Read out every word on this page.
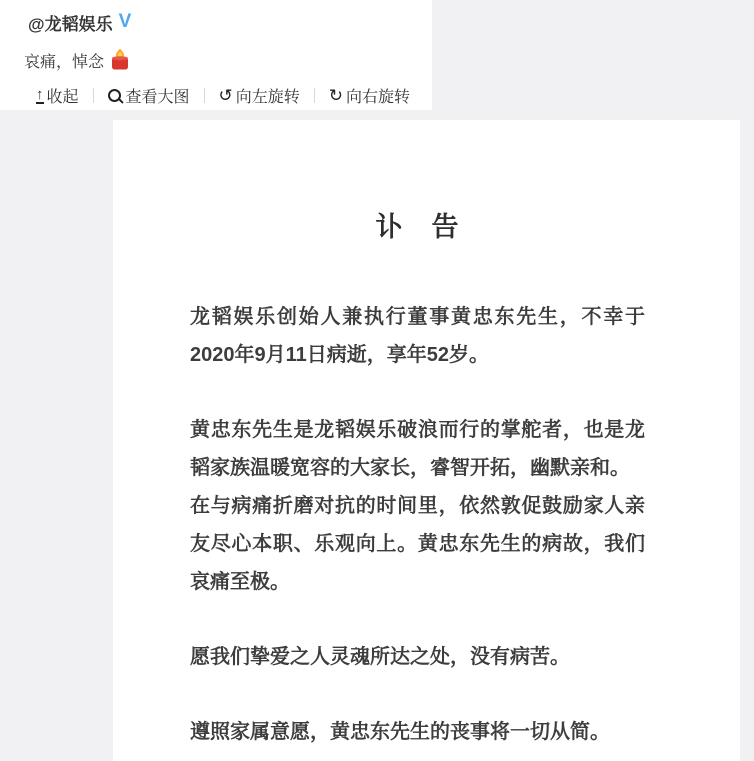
@龙韬娱乐 V
哀痛，悼念
↑ 收起	查看大图 ↺ 向左旋转 ↻ 向右旋转
讣　告

龙韬娱乐创始人兼执行董事黄忠东先生，不幸于2020年9月11日病逝，享年52岁。

黄忠东先生是龙韬娱乐破浪而行的掌舵者，也是龙韬家族温暖宽容的大家长，睿智开拓，幽默亲和。

在与病痛折磨对抗的时间里，依然敦促鼓励家人亲友尽心本职、乐观向上。黄忠东先生的病故，我们哀痛至极。

愿我们挚爱之人灵魂所达之处，没有病苦。

遵照家属意愿，黄忠东先生的丧事将一切从简。
